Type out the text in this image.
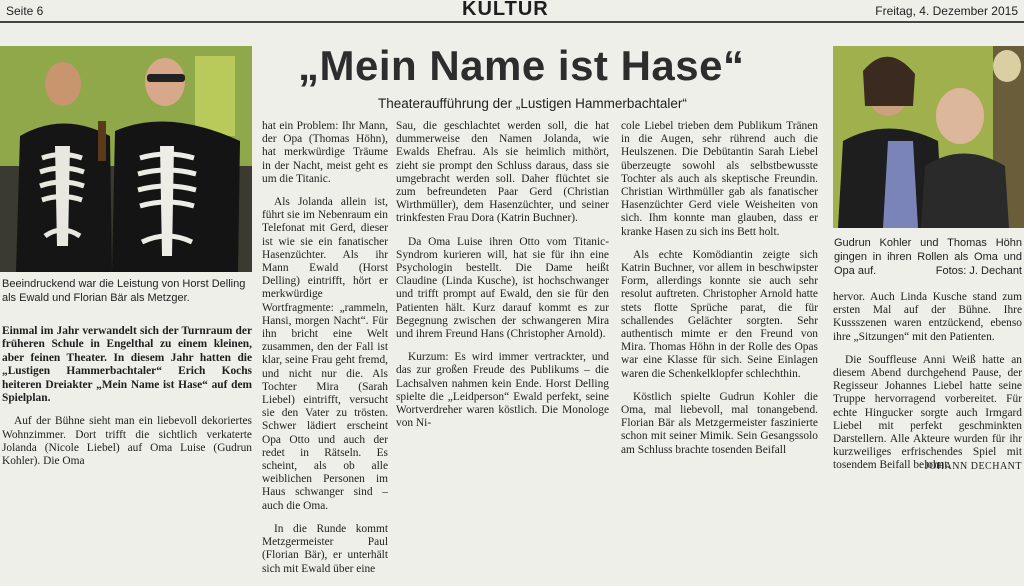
Seite 6	KULTUR	Freitag, 4. Dezember 2015
„Mein Name ist Hase“
Theateraufführung der „Lustigen Hammerbachtaler“
Beeindruckend war die Leistung von Horst Delling als Ewald und Florian Bär als Metzger.
Gudrun Kohler und Thomas Höhn gingen in ihren Rollen als Oma und Opa auf.	Fotos: J. Dechant
Einmal im Jahr verwandelt sich der Turnraum der früheren Schule in Engelthal zu einem kleinen, aber feinen Theater. In diesem Jahr hatten die „Lustigen Hammerbachtaler“ Erich Kochs heiteren Dreiakter „Mein Name ist Hase“ auf dem Spielplan.

Auf der Bühne sieht man ein liebevoll dekoriertes Wohnzimmer. Dort trifft die sichtlich verkaterte Jolanda (Nicole Liebel) auf Oma Luise (Gudrun Kohler). Die Oma

hat ein Problem: Ihr Mann, der Opa (Thomas Höhn), hat merkwürdige Träume in der Nacht, meist geht es um die Titanic.

Als Jolanda allein ist, führt sie im Nebenraum ein Telefonat mit Gerd, dieser ist wie sie ein fanatischer Hasenzüchter. Als ihr Mann Ewald (Horst Delling) eintrifft, hört er merkwürdige Wortfragmente: „rammeln, Hansi, morgen Nacht“. Für ihn bricht eine Welt zusammen, den der Fall ist klar, seine Frau geht fremd, und nicht nur die. Als Tochter Mira (Sarah Liebel) eintrifft, versucht sie den Vater zu trösten. Schwer lädiert erscheint Opa Otto und auch der redet in Rätseln. Es scheint, als ob alle weiblichen Personen im Haus schwanger sind – auch die Oma.

In die Runde kommt Metzgermeister Paul (Florian Bär), er unterhält sich mit Ewald über eine

Sau, die geschlachtet werden soll, die hat dummerweise den Namen Jolanda, wie Ewalds Ehefrau. Als sie heimlich mithört, zieht sie prompt den Schluss daraus, dass sie umgebracht werden soll. Daher flüchtet sie zum befreundeten Paar Gerd (Christian Wirthmüller), dem Hasenzüchter, und seiner trinkfesten Frau Dora (Katrin Buchner).

Da Oma Luise ihren Otto vom Titanic-Syndrom kurieren will, hat sie für ihn eine Psychologin bestellt. Die Dame heißt Claudine (Linda Kusche), ist hochschwanger und trifft prompt auf Ewald, den sie für den Patienten hält. Kurz darauf kommt es zur Begegnung zwischen der schwangeren Mira und ihrem Freund Hans (Christopher Arnold).

Kurzum: Es wird immer vertrackter, und das zur großen Freude des Publikums – die Lachsalven nahmen kein Ende. Horst Delling spielte die „Leidperson“ Ewald perfekt, seine Wortverdreher waren köstlich. Die Monologe von Ni-

cole Liebel trieben dem Publikum Tränen in die Augen, sehr rührend auch die Heulszenen. Die Debütantin Sarah Liebel überzeugte sowohl als selbstbewusste Tochter als auch als skeptische Freundin. Christian Wirthmüller gab als fanatischer Hasenzüchter Gerd viele Weisheiten von sich. Ihm konnte man glauben, dass er kranke Hasen zu sich ins Bett holt.

Als echte Komödiantin zeigte sich Katrin Buchner, vor allem in beschwipster Form, allerdings konnte sie auch sehr resolut auftreten. Christopher Arnold hatte stets flotte Sprüche parat, die für schallendes Gelächter sorgten. Sehr authentisch mimte er den Freund von Mira. Thomas Höhn in der Rolle des Opas war eine Klasse für sich. Seine Einlagen waren die Schenkelklopfer schlechthin.

Köstlich spielte Gudrun Kohler die Oma, mal liebevoll, mal tonangebend. Florian Bär als Metzgermeister faszinierte schon mit seiner Mimik. Sein Gesangssolo am Schluss brachte tosenden Beifall

hervor. Auch Linda Kusche stand zum ersten Mal auf der Bühne. Ihre Kussszenen waren entzückend, ebenso ihre „Sitzungen“ mit den Patienten.

Die Souffleuse Anni Weiß hatte an diesem Abend durchgehend Pause, der Regisseur Johannes Liebel hatte seine Truppe hervorragend vorbereitet. Für echte Hingucker sorgte auch Irmgard Liebel mit perfekt geschminkten Darstellern. Alle Akteure wurden für ihr kurzweiliges erfrischendes Spiel mit tosendem Beifall belohnt.

JOHANN DECHANT
